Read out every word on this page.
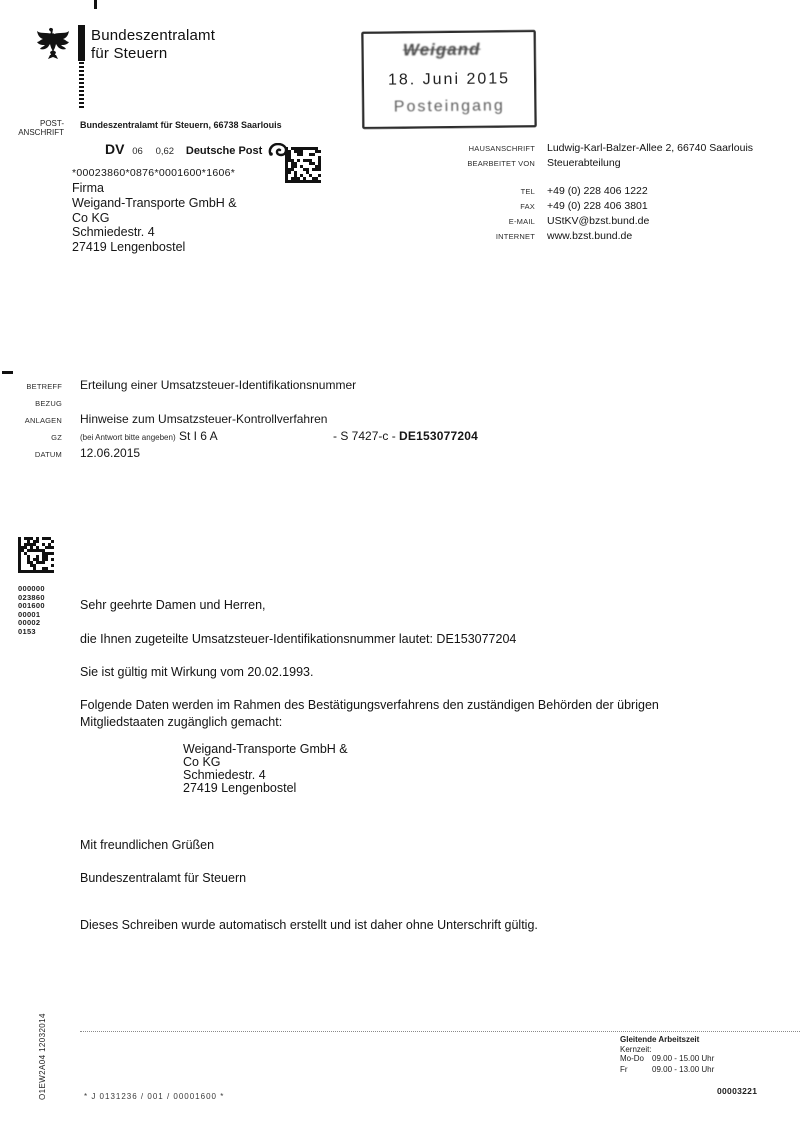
Bundeszentralamt
für Steuern
POST-
ANSCHRIFT
Bundeszentralamt für Steuern, 66738 Saarlouis
Weigand
18. Juni 2015
Posteingang
DV 06 0,62 Deutsche Post
*00023860*0876*0001600*1606*
Firma
Weigand-Transporte GmbH &
Co KG
Schmiedestr. 4
27419 Lengenbostel
HAUSANSCHRIFT	Ludwig-Karl-Balzer-Allee 2, 66740 Saarlouis
BEARBEITET VON	Steuerabteilung
TEL	+49 (0) 228 406 1222
FAX	+49 (0) 228 406 3801
E-MAIL	UStKV@bzst.bund.de
INTERNET	www.bzst.bund.de
BETREFF Erteilung einer Umsatzsteuer-Identifikationsnummer
BEZUG
ANLAGEN Hinweise zum Umsatzsteuer-Kontrollverfahren
GZ (bei Antwort bitte angeben) St I 6 A	- S 7427-c - DE153077204
DATUM 12.06.2015
000000
023860
001600
00001
00002
0153

Sehr geehrte Damen und Herren,

die Ihnen zugeteilte Umsatzsteuer-Identifikationsnummer lautet: DE153077204

Sie ist gültig mit Wirkung vom 20.02.1993.

Folgende Daten werden im Rahmen des Bestätigungsverfahrens den zuständigen Behörden der übrigen

Mitgliedstaaten zugänglich gemacht:

Weigand-Transporte GmbH &
Co KG
Schmiedestr. 4
27419 Lengenbostel

Mit freundlichen Grüßen

Bundeszentralamt für Steuern

Dieses Schreiben wurde automatisch erstellt und ist daher ohne Unterschrift gültig.

O1EW2A04 12032014	Gleitende Arbeitszeit
Kernzeit:
Mo-Do	09.00 - 15.00 Uhr
Fr	09.00 - 13.00 Uhr
00003221
* J 0131236 / 001 / 00001600 *
